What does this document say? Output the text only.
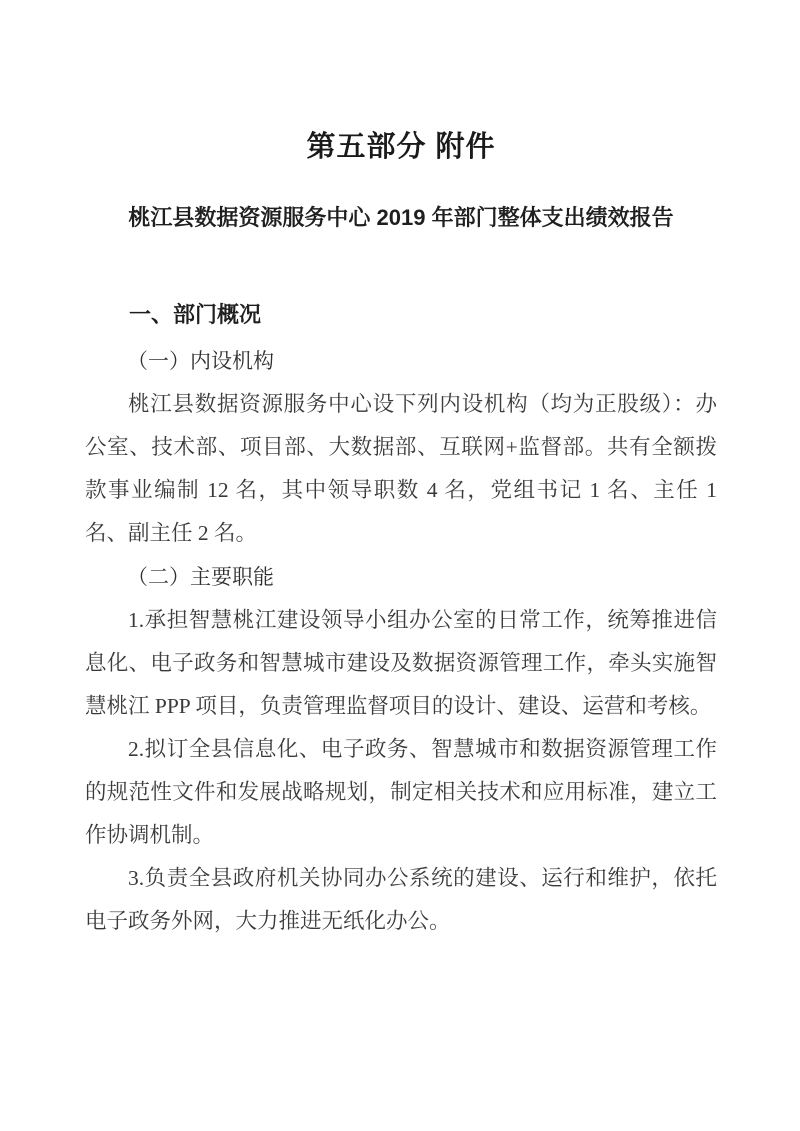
第五部分 附件
桃江县数据资源服务中心 2019 年部门整体支出绩效报告
一、部门概况
（一）内设机构

桃江县数据资源服务中心设下列内设机构（均为正股级）：办公室、技术部、项目部、大数据部、互联网+监督部。共有全额拨款事业编制 12 名，其中领导职数 4 名，党组书记 1 名、主任 1 名、副主任 2 名。

（二）主要职能

1.承担智慧桃江建设领导小组办公室的日常工作，统筹推进信息化、电子政务和智慧城市建设及数据资源管理工作，牵头实施智慧桃江 PPP 项目，负责管理监督项目的设计、建设、运营和考核。

2.拟订全县信息化、电子政务、智慧城市和数据资源管理工作的规范性文件和发展战略规划，制定相关技术和应用标准，建立工作协调机制。

3.负责全县政府机关协同办公系统的建设、运行和维护，依托电子政务外网，大力推进无纸化办公。
